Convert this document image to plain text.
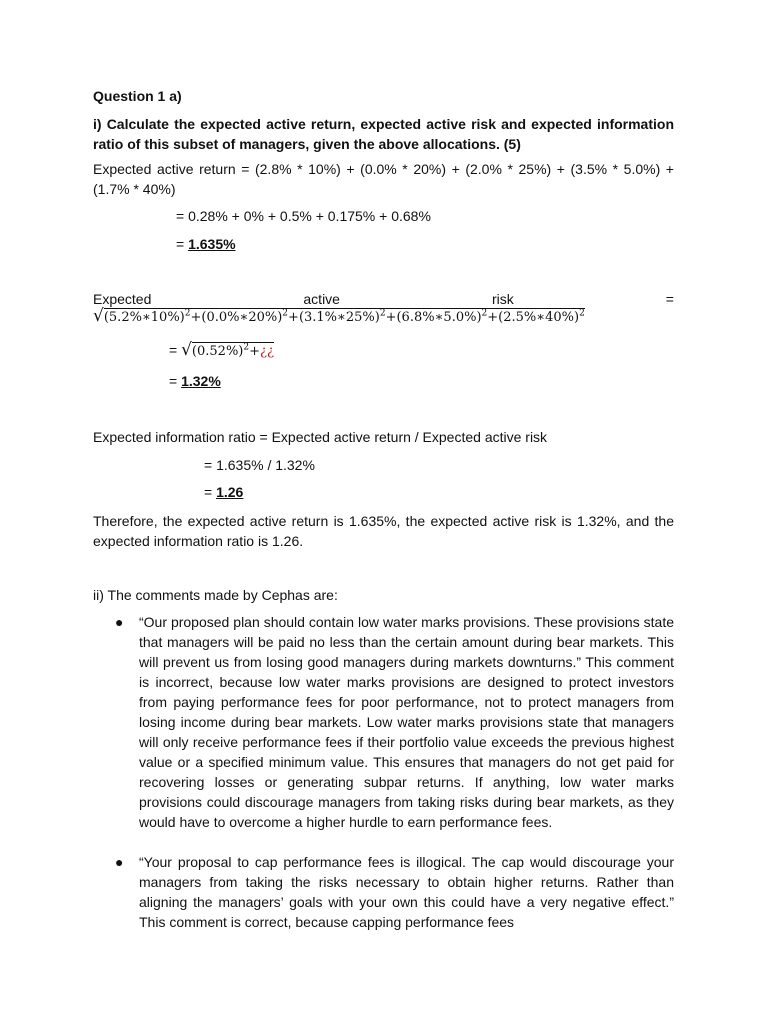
Question 1 a)
i) Calculate the expected active return, expected active risk and expected information ratio of this subset of managers, given the above allocations. (5)
Expected active return = (2.8% * 10%) + (0.0% * 20%) + (2.0% * 25%) + (3.5% * 5.0%) + (1.7% * 40%)
= 0.28% + 0% + 0.5% + 0.175% + 0.68%
= 1.635%
Expected	active	risk	=
√(5.2%∗10%)$^2$+(0.0%∗20%)$^2$+(3.1%∗25%)$^2$+(6.8%∗5.0%)$^2$+(2.5%∗40%)$^2$
= $√(0.52\%)^2+¿¿$
= 1.32%
Expected information ratio = Expected active return / Expected active risk
= 1.635% / 1.32%
= 1.26
Therefore, the expected active return is 1.635%, the expected active risk is 1.32%, and the expected information ratio is 1.26.
ii) The comments made by Cephas are:
● “Our proposed plan should contain low water marks provisions. These provisions state that managers will be paid no less than the certain amount during bear markets. This will prevent us from losing good managers during markets downturns.” This comment is incorrect, because low water marks provisions are designed to protect investors from paying performance fees for poor performance, not to protect managers from losing income during bear markets. Low water marks provisions state that managers will only receive performance fees if their portfolio value exceeds the previous highest value or a specified minimum value. This ensures that managers do not get paid for recovering losses or generating subpar returns. If anything, low water marks provisions could discourage managers from taking risks during bear markets, as they would have to overcome a higher hurdle to earn performance fees.
● “Your proposal to cap performance fees is illogical. The cap would discourage your managers from taking the risks necessary to obtain higher returns. Rather than aligning the managers’ goals with your own this could have a very negative effect.” This comment is correct, because capping performance fees
